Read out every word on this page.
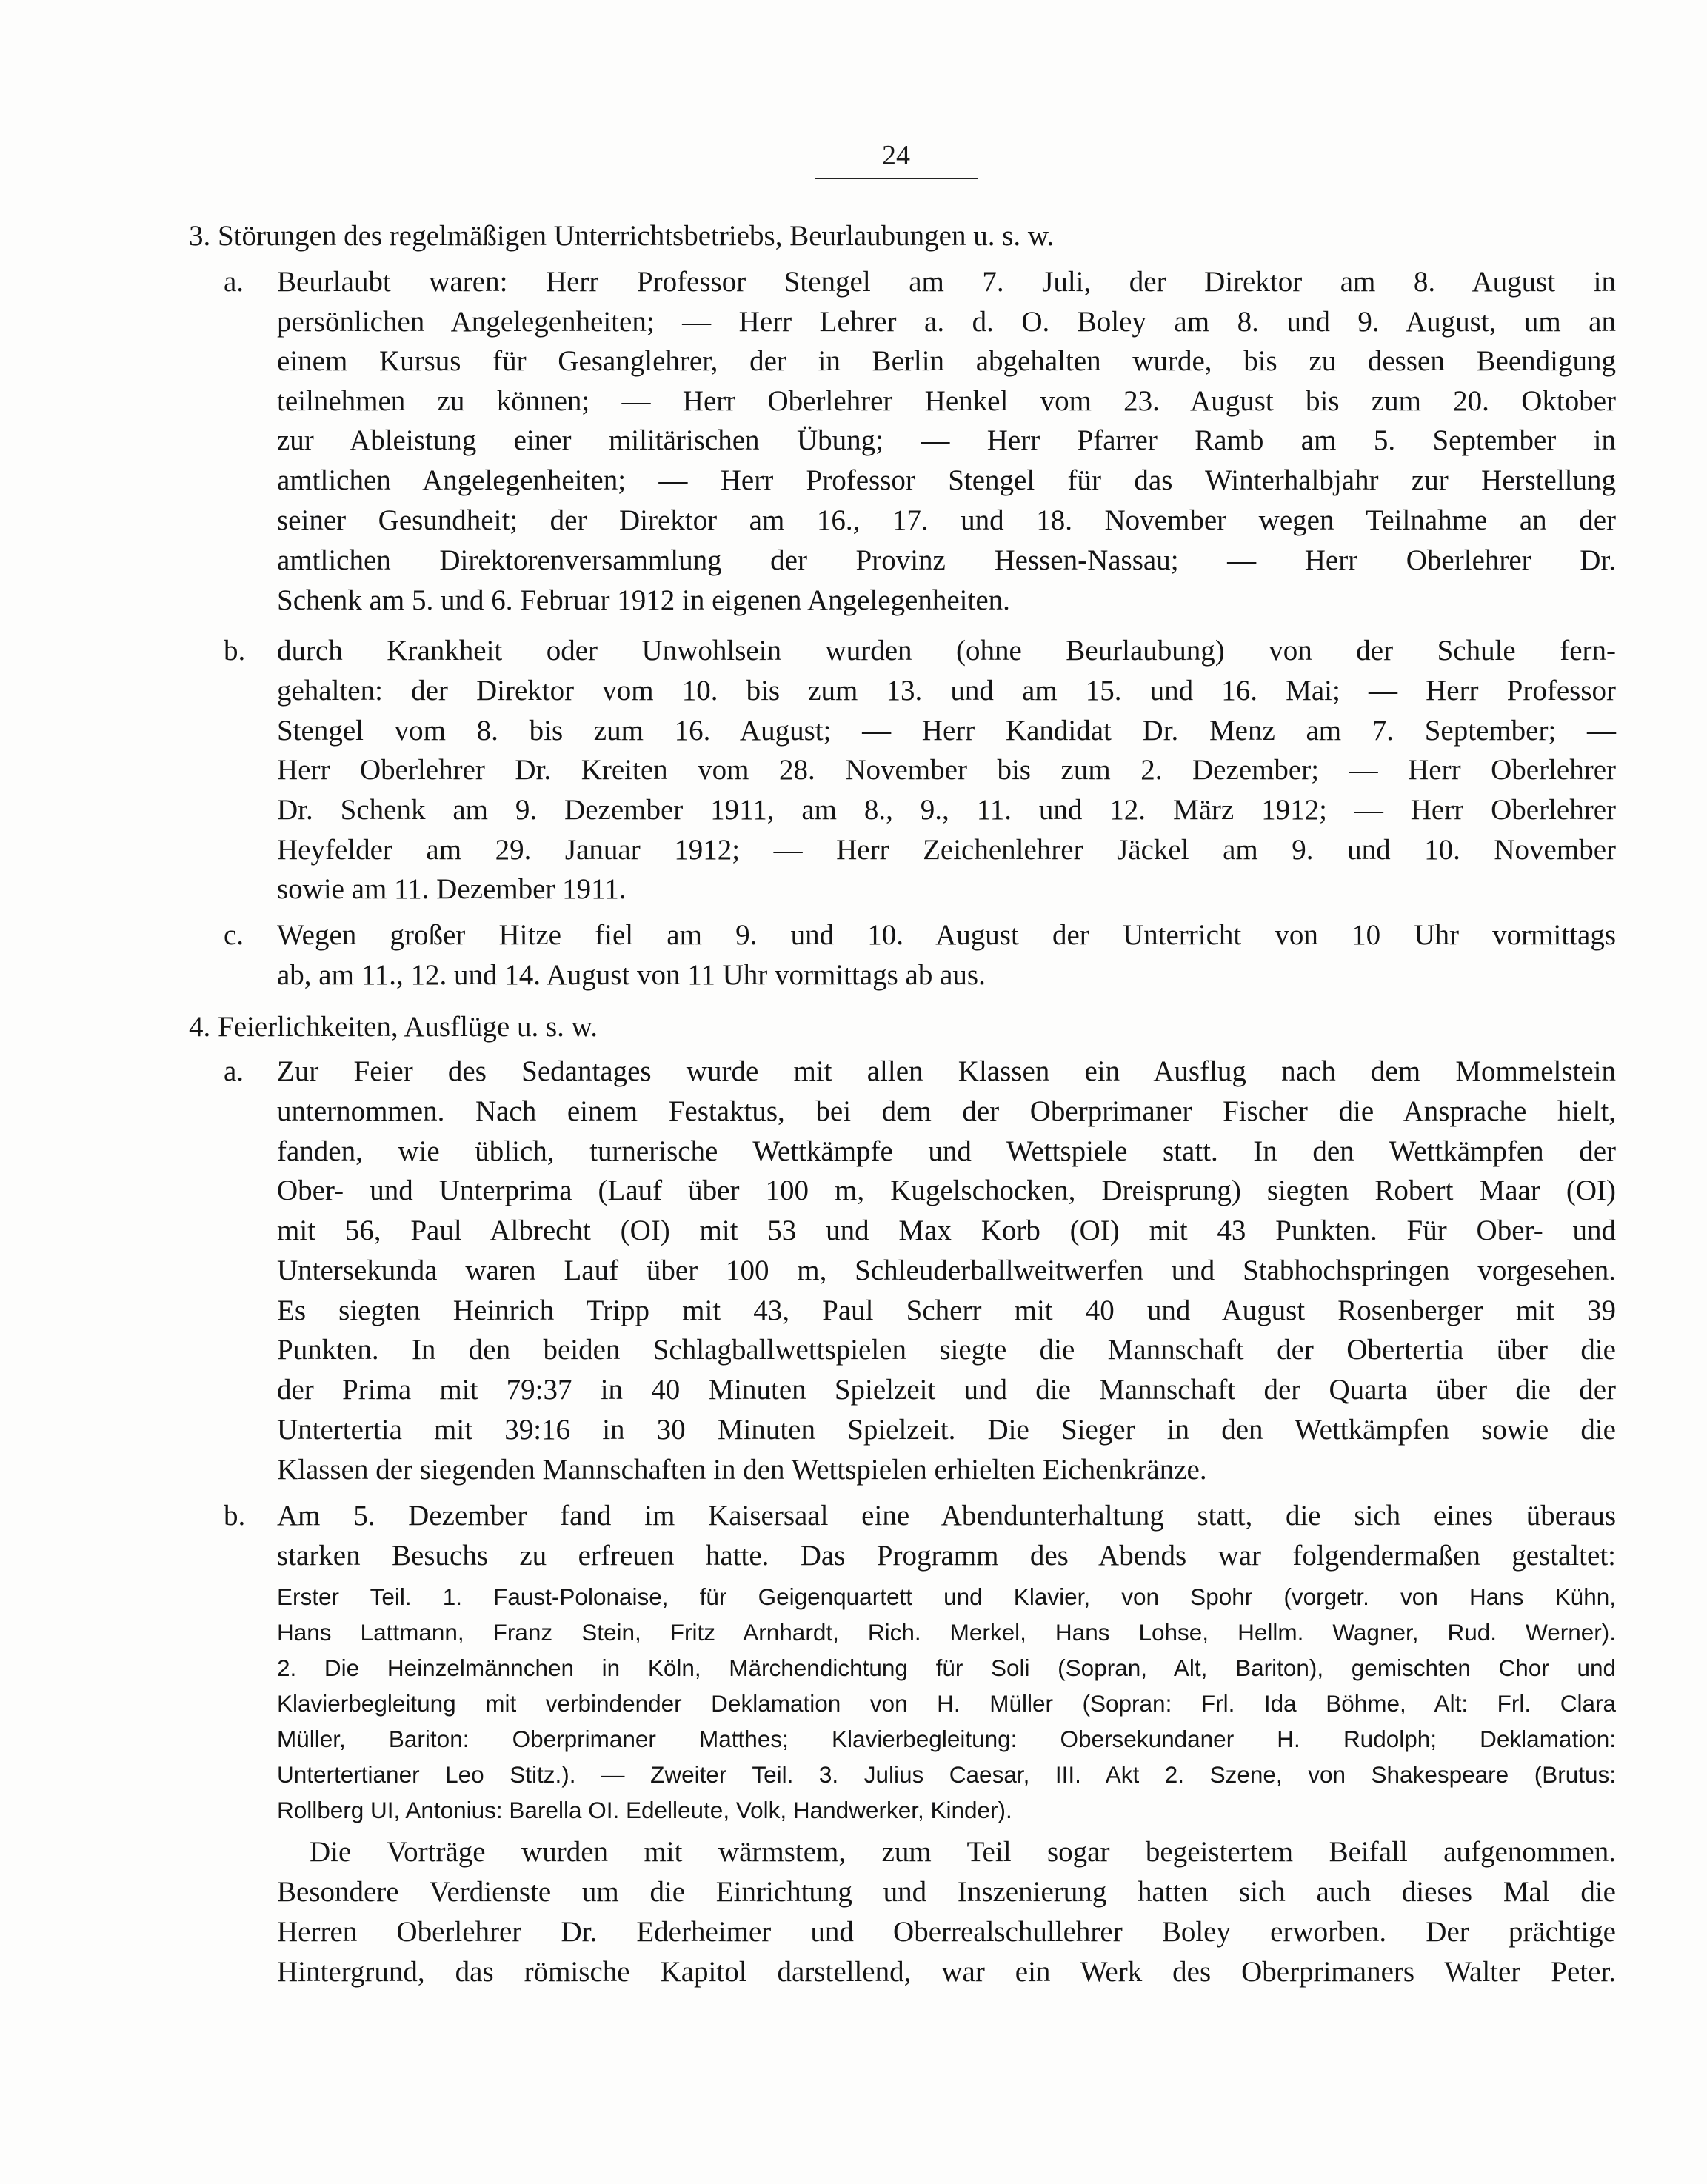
24
3. Störungen des regelmäßigen Unterrichtsbetriebs, Beurlaubungen u. s. w.
a. Beurlaubt waren: Herr Professor Stengel am 7. Juli, der Direktor am 8. August in
persönlichen Angelegenheiten; — Herr Lehrer a. d. O. Boley am 8. und 9. August, um an
einem Kursus für Gesanglehrer, der in Berlin abgehalten wurde, bis zu dessen Beendigung
teilnehmen zu können; — Herr Oberlehrer Henkel vom 23. August bis zum 20. Oktober
zur Ableistung einer militärischen Übung; — Herr Pfarrer Ramb am 5. September in
amtlichen Angelegenheiten; — Herr Professor Stengel für das Winterhalbjahr zur Herstellung
seiner Gesundheit; der Direktor am 16., 17. und 18. November wegen Teilnahme an der
amtlichen Direktorenversammlung der Provinz Hessen-Nassau; — Herr Oberlehrer Dr.
Schenk am 5. und 6. Februar 1912 in eigenen Angelegenheiten.
b. durch Krankheit oder Unwohlsein wurden (ohne Beurlaubung) von der Schule fern-
gehalten: der Direktor vom 10. bis zum 13. und am 15. und 16. Mai; — Herr Professor
Stengel vom 8. bis zum 16. August; — Herr Kandidat Dr. Menz am 7. September; —
Herr Oberlehrer Dr. Kreiten vom 28. November bis zum 2. Dezember; — Herr Oberlehrer
Dr. Schenk am 9. Dezember 1911, am 8., 9., 11. und 12. März 1912; — Herr Oberlehrer
Heyfelder am 29. Januar 1912; — Herr Zeichenlehrer Jäckel am 9. und 10. November
sowie am 11. Dezember 1911.
c. Wegen großer Hitze fiel am 9. und 10. August der Unterricht von 10 Uhr vormittags
ab, am 11., 12. und 14. August von 11 Uhr vormittags ab aus.
4. Feierlichkeiten, Ausflüge u. s. w.
a. Zur Feier des Sedantages wurde mit allen Klassen ein Ausflug nach dem Mommelstein
unternommen. Nach einem Festaktus, bei dem der Oberprimaner Fischer die Ansprache hielt,
fanden, wie üblich, turnerische Wettkämpfe und Wettspiele statt. In den Wettkämpfen der
Ober- und Unterprima (Lauf über 100 m, Kugelschocken, Dreisprung) siegten Robert Maar (OI)
mit 56, Paul Albrecht (OI) mit 53 und Max Korb (OI) mit 43 Punkten. Für Ober- und
Untersekunda waren Lauf über 100 m, Schleuderballweitwerfen und Stabhochspringen vorgesehen.
Es siegten Heinrich Tripp mit 43, Paul Scherr mit 40 und August Rosenberger mit 39
Punkten. In den beiden Schlagballwettspielen siegte die Mannschaft der Obertertia über die
der Prima mit 79:37 in 40 Minuten Spielzeit und die Mannschaft der Quarta über die der
Untertertia mit 39:16 in 30 Minuten Spielzeit. Die Sieger in den Wettkämpfen sowie die
Klassen der siegenden Mannschaften in den Wettspielen erhielten Eichenkränze.
b. Am 5. Dezember fand im Kaisersaal eine Abendunterhaltung statt, die sich eines überaus
starken Besuchs zu erfreuen hatte. Das Programm des Abends war folgendermaßen gestaltet:
Erster Teil. 1. Faust-Polonaise, für Geigenquartett und Klavier, von Spohr (vorgetr. von Hans Kühn,
Hans Lattmann, Franz Stein, Fritz Arnhardt, Rich. Merkel, Hans Lohse, Hellm. Wagner, Rud. Werner).
2. Die Heinzelmännchen in Köln, Märchendichtung für Soli (Sopran, Alt, Bariton), gemischten Chor und
Klavierbegleitung mit verbindender Deklamation von H. Müller (Sopran: Frl. Ida Böhme, Alt: Frl. Clara
Müller, Bariton: Oberprimaner Matthes; Klavierbegleitung: Obersekundaner H. Rudolph; Deklamation:
Untertertianer Leo Stitz.). — Zweiter Teil. 3. Julius Caesar, III. Akt 2. Szene, von Shakespeare (Brutus:
Rollberg UI, Antonius: Barella OI. Edelleute, Volk, Handwerker, Kinder).
Die Vorträge wurden mit wärmstem, zum Teil sogar begeistertem Beifall aufgenommen.
Besondere Verdienste um die Einrichtung und Inszenierung hatten sich auch dieses Mal die
Herren Oberlehrer Dr. Ederheimer und Oberrealschullehrer Boley erworben. Der prächtige
Hintergrund, das römische Kapitol darstellend, war ein Werk des Oberprimaners Walter Peter.
